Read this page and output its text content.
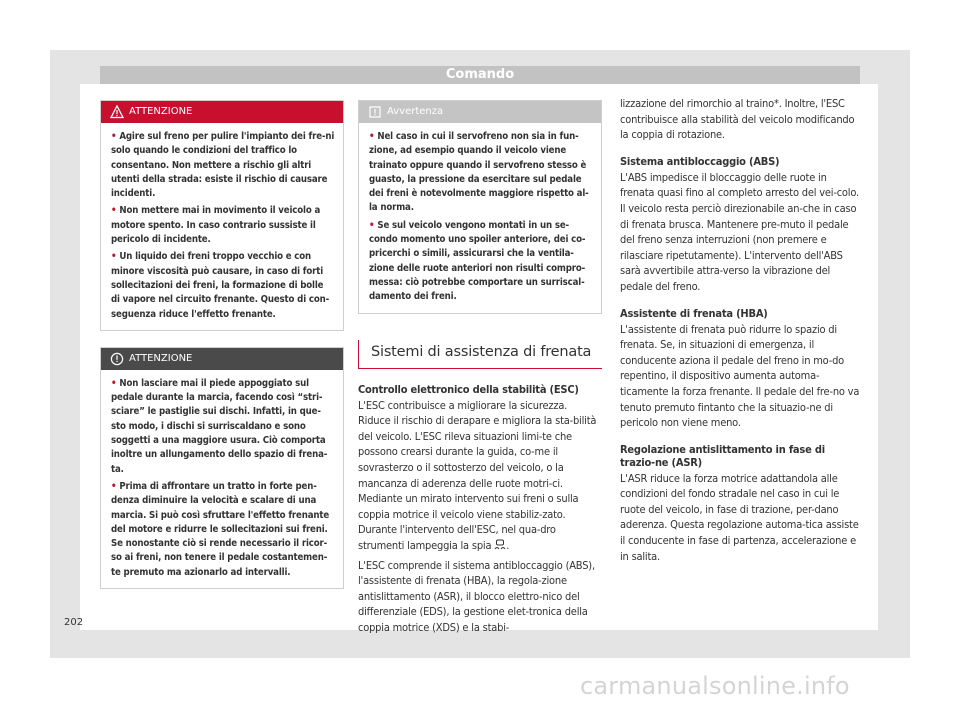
Comando
ATTENZIONE

• Agire sul freno per pulire l'impianto dei fre-ni solo quando le condizioni del traffico lo consentano. Non mettere a rischio gli altri utenti della strada: esiste il rischio di causare incidenti.

• Non mettere mai in movimento il veicolo a motore spento. In caso contrario sussiste il pericolo di incidente.

• Un liquido dei freni troppo vecchio e con minore viscosità può causare, in caso di forti sollecitazioni dei freni, la formazione di bolle di vapore nel circuito frenante. Questo di con-seguenza riduce l'effetto frenante.

ATTENZIONE

• Non lasciare mai il piede appoggiato sul pedale durante la marcia, facendo così “stri-sciare” le pastiglie sui dischi. Infatti, in que-sto modo, i dischi si surriscaldano e sono soggetti a una maggiore usura. Ciò comporta inoltre un allungamento dello spazio di frena-ta.

• Prima di affrontare un tratto in forte pen-denza diminuire la velocità e scalare di una marcia. Si può così sfruttare l'effetto frenante del motore e ridurre le sollecitazioni sui freni. Se nonostante ciò si rende necessario il ricor-so ai freni, non tenere il pedale costantemen-te premuto ma azionarlo ad intervalli.

Avvertenza

• Nel caso in cui il servofreno non sia in fun-zione, ad esempio quando il veicolo viene trainato oppure quando il servofreno stesso è guasto, la pressione da esercitare sul pedale dei freni è notevolmente maggiore rispetto al-la norma.

• Se sul veicolo vengono montati in un se-condo momento uno spoiler anteriore, dei co-pricerchi o simili, assicurarsi che la ventila-zione delle ruote anteriori non risulti compro-messa: ciò potrebbe comportare un surriscal-damento dei freni.

Sistemi di assistenza di frenata
Controllo elettronico della stabilità (ESC)

L'ESC contribuisce a migliorare la sicurezza. Riduce il rischio di derapare e migliora la sta-bilità del veicolo. L'ESC rileva situazioni limi-te che possono crearsi durante la guida, co-me il sovrasterzo o il sottosterzo del veicolo, o la mancanza di aderenza delle ruote motri-ci. Mediante un mirato intervento sui freni o sulla coppia motrice il veicolo viene stabiliz-zato. Durante l'intervento dell'ESC, nel qua-dro strumenti lampeggia la spia .

L'ESC comprende il sistema antibloccaggio (ABS), l'assistente di frenata (HBA), la regola-zione antislittamento (ASR), il blocco elettro-nico del differenziale (EDS), la gestione elet-tronica della coppia motrice (XDS) e la stabi-

lizzazione del rimorchio al traino*. Inoltre, l'ESC contribuisce alla stabilità del veicolo modificando la coppia di rotazione.

Sistema antibloccaggio (ABS)

L'ABS impedisce il bloccaggio delle ruote in frenata quasi fino al completo arresto del vei-colo. Il veicolo resta perciò direzionabile an-che in caso di frenata brusca. Mantenere pre-muto il pedale del freno senza interruzioni (non premere e rilasciare ripetutamente). L'intervento dell'ABS sarà avvertibile attra-verso la vibrazione del pedale del freno.

Assistente di frenata (HBA)

L'assistente di frenata può ridurre lo spazio di frenata. Se, in situazioni di emergenza, il conducente aziona il pedale del freno in mo-do repentino, il dispositivo aumenta automa-ticamente la forza frenante. Il pedale del fre-no va tenuto premuto fintanto che la situazio-ne di pericolo non viene meno.

Regolazione antislittamento in fase di trazio-ne (ASR)

L'ASR riduce la forza motrice adattandola alle condizioni del fondo stradale nel caso in cui le ruote del veicolo, in fase di trazione, per-dano aderenza. Questa regolazione automa-tica assiste il conducente in fase di partenza, accelerazione e in salita.

202
carmanualsonline.info
